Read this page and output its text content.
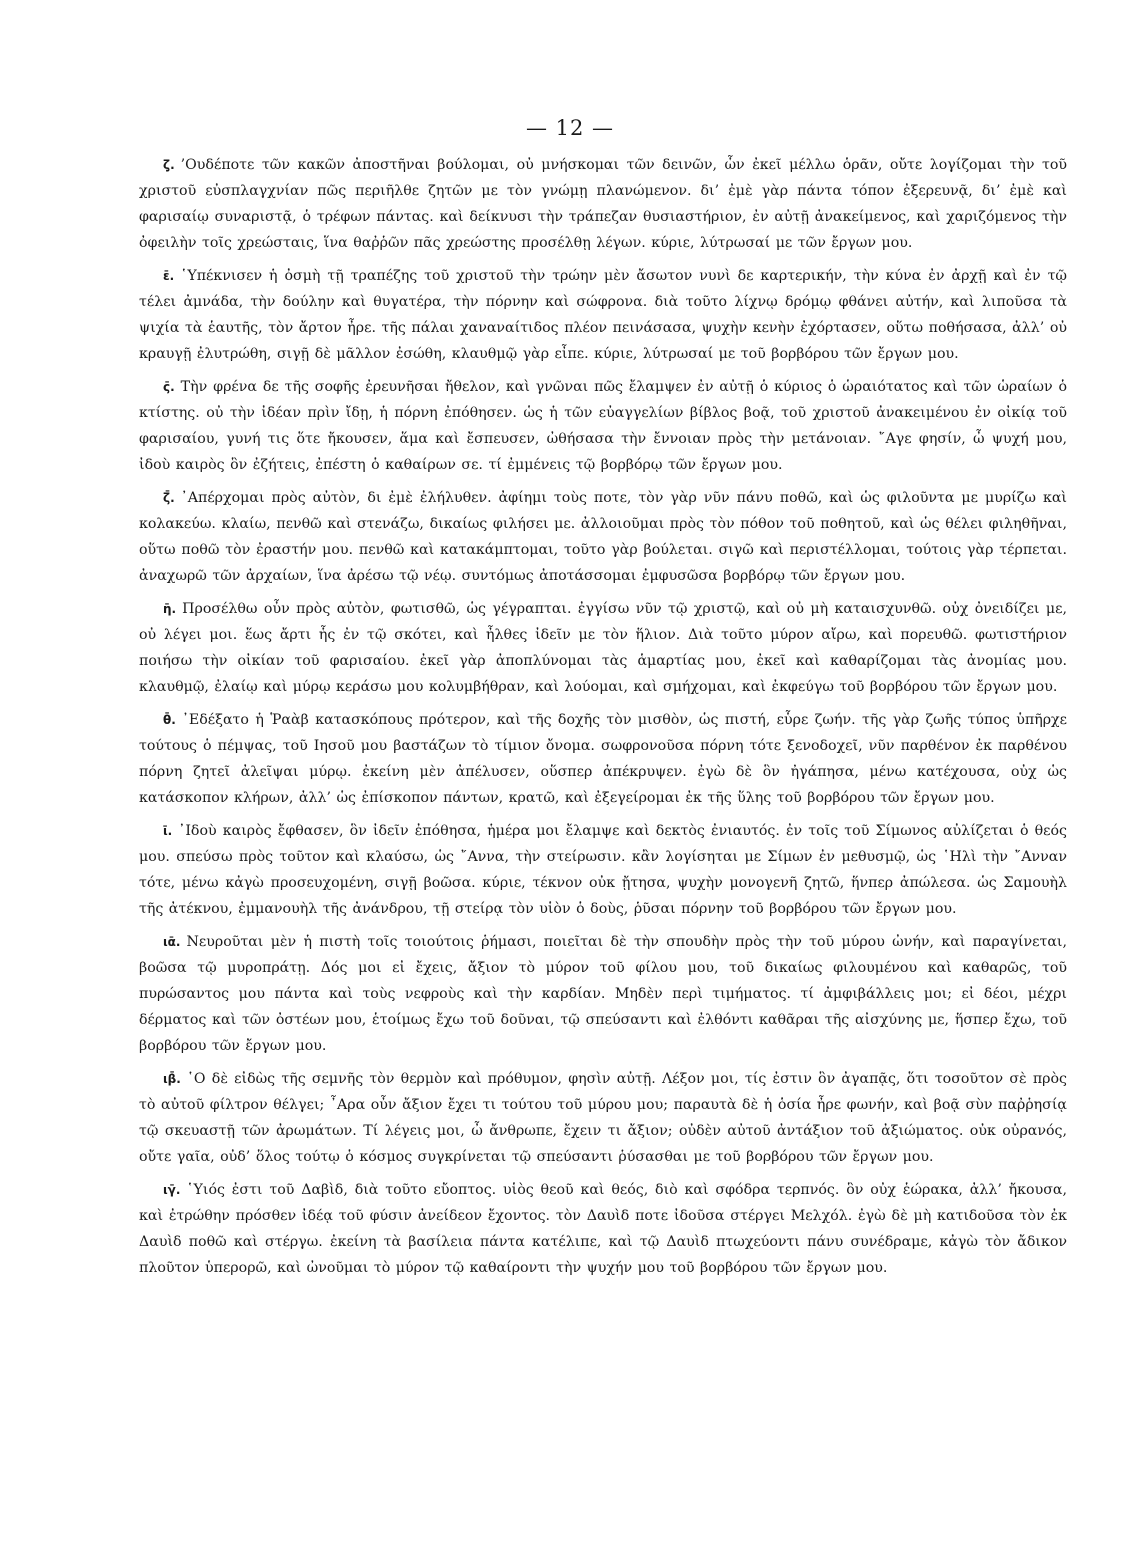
— 12 —

ζ̣. ’Ουδέποτε τῶν κακῶν ἀποστῆναι βούλομαι, οὐ μνήσκομαι τῶν δεινῶν, ὧν ἐκεῖ μέλλω ὁρᾶν, οὔτε λογίζομαι τὴν τοῦ χριστοῦ εὐσπλαγχνίαν πῶς περιῆλθε ζητῶν με τὸν γνώμῃ πλανώμενον. δι’ ἐμὲ γὰρ πάντα τόπον ἐξερευνᾷ, δι’ ἐμὲ καὶ φαρισαίῳ συναριστᾷ, ὁ τρέφων πάντας. καὶ δείκνυσι τὴν τράπεζαν θυσιαστήριον, ἐν αὐτῇ ἀνακείμενος, καὶ χαριζόμενος τὴν ὀφειλὴν τοῖς χρεώσταις, ἵνα θαῤῥῶν πᾶς χρεώστης προσέλθῃ λέγων. κύριε, λύτρωσαί με τῶν ἔργων μου.

ε̄. ῾Υπέκνισεν ἡ ὀσμὴ τῇ τραπέζης τοῦ χριστοῦ τὴν τρώην μὲν ἄσωτον νυνὶ δε καρτερικήν, τὴν κύνα ἐν ἀρχῇ καὶ ἐν τῷ τέλει ἀμνάδα, τὴν δούλην καὶ θυγατέρα, τὴν πόρνην καὶ σώφρονα. διὰ τοῦτο λίχνῳ δρόμῳ φθάνει αὐτήν, καὶ λιποῦσα τὰ ψιχία τὰ ἑαυτῆς, τὸν ἄρτον ἦρε. τῆς πάλαι χαναναίτιδος πλέον πεινάσασα, ψυχὴν κενὴν ἐχόρτασεν, οὕτω ποθήσασα, ἀλλ’ οὐ κραυγῇ ἐλυτρώθη, σιγῇ δὲ μᾶλλον ἐσώθη, κλαυθμῷ γὰρ εἶπε. κύριε, λύτρωσαί με τοῦ βορβόρου τῶν ἔργων μου.

ς̄. Τὴν φρένα δε τῆς σοφῆς ἐρευνῆσαι ἤθελον, καὶ γνῶναι πῶς ἔλαμψεν ἐν αὐτῇ ὁ κύριος ὁ ὡραιότατος καὶ τῶν ὡραίων ὁ κτίστης. οὐ τὴν ἰδέαν πρὶν ἴδῃ, ἡ πόρνη ἐπόθησεν. ὡς ἡ τῶν εὐαγγελίων βίβλος βοᾷ, τοῦ χριστοῦ ἀνακειμένου ἐν οἰκίᾳ τοῦ φαρισαίου, γυνή τις ὅτε ἤκουσεν, ἅμα καὶ ἔσπευσεν, ὠθήσασα τὴν ἔννοιαν πρὸς τὴν μετάνοιαν. ῎Αγε φησίν, ὦ ψυχή μου, ἰδοὺ καιρὸς ὃν ἐζήτεις, ἐπέστη ὁ καθαίρων σε. τί ἐμμένεις τῷ βορβόρῳ τῶν ἔργων μου.

ζ̄. ᾽Απέρχομαι πρὸς αὐτὸν, δι ἐμὲ ἐλήλυθεν. ἀφίημι τοὺς ποτε, τὸν γὰρ νῦν πάνυ ποθῶ, καὶ ὡς φιλοῦντα με μυρίζω καὶ κολακεύω. κλαίω, πενθῶ καὶ στενάζω, δικαίως φιλήσει με. ἀλλοιοῦμαι πρὸς τὸν πόθον τοῦ ποθητοῦ, καὶ ὡς θέλει φιληθῆναι, οὕτω ποθῶ τὸν ἐραστήν μου. πενθῶ καὶ κατακάμπτομαι, τοῦτο γὰρ βούλεται. σιγῶ καὶ περιστέλλομαι, τούτοις γὰρ τέρπεται. ἀναχωρῶ τῶν ἀρχαίων, ἵνα ἀρέσω τῷ νέῳ. συντόμως ἀποτάσσομαι ἐμφυσῶσα βορβόρῳ τῶν ἔργων μου.

η̄. Προσέλθω οὖν πρὸς αὐτὸν, φωτισθῶ, ὡς γέγραπται. ἐγγίσω νῦν τῷ χριστῷ, καὶ οὐ μὴ καταισχυνθῶ. οὐχ ὀνειδίζει με, οὐ λέγει μοι. ἕως ἄρτι ἧς ἐν τῷ σκότει, καὶ ἦλθες ἰδεῖν με τὸν ἥλιον. Διὰ τοῦτο μύρον αἴρω, καὶ πορευθῶ. φωτιστήριον ποιήσω τὴν οἰκίαν τοῦ φαρισαίου. ἐκεῖ γὰρ ἀποπλύνομαι τὰς ἁμαρτίας μου, ἐκεῖ καὶ καθαρίζομαι τὰς ἀνομίας μου. κλαυθμῷ, ἐλαίῳ καὶ μύρῳ κεράσω μου κολυμβήθραν, καὶ λούομαι, καὶ σμήχομαι, καὶ ἐκφεύγω τοῦ βορβόρου τῶν ἔργων μου.

θ̄. ᾽Εδέξατο ἡ Ῥαὰβ κατασκόπους πρότερον, καὶ τῆς δοχῆς τὸν μισθὸν, ὡς πιστή, εὗρε ζωήν. τῆς γὰρ ζωῆς τύπος ὑπῆρχε τούτους ὁ πέμψας, τοῦ Ιησοῦ μου βαστάζων τὸ τίμιον ὄνομα. σωφρονοῦσα πόρνη τότε ξενοδοχεῖ, νῦν παρθένον ἐκ παρθένου πόρνη ζητεῖ ἀλεῖψαι μύρῳ. ἐκείνη μὲν ἀπέλυσεν, οὕσπερ ἀπέκρυψεν. ἐγὼ δὲ ὃν ἠγάπησα, μένω κατέχουσα, οὐχ ὡς κατάσκοπον κλήρων, ἀλλ’ ὡς ἐπίσκοπον πάντων, κρατῶ, καὶ ἐξεγείρομαι ἐκ τῆς ὕλης τοῦ βορβόρου τῶν ἔργων μου.

ῑ. ᾽Ιδοὺ καιρὸς ἔφθασεν, ὃν ἰδεῖν ἐπόθησα, ἡμέρα μοι ἔλαμψε καὶ δεκτὸς ἐνιαυτός. ἐν τοῖς τοῦ Σίμωνος αὐλίζεται ὁ θεός μου. σπεύσω πρὸς τοῦτον καὶ κλαύσω, ὡς ῎Αννα, τὴν στείρωσιν. κἂν λογίσηται με Σίμων ἐν μεθυσμῷ, ὡς ῾Ηλὶ τὴν ῎Ανναν τότε, μένω κἀγὼ προσευχομένη, σιγῇ βοῶσα. κύριε, τέκνον οὐκ ᾔτησα, ψυχὴν μονογενῆ ζητῶ, ἥνπερ ἀπώλεσα. ὡς Σαμουὴλ τῆς ἀτέκνου, ἐμμανουὴλ τῆς ἀνάνδρου, τῇ στείρᾳ τὸν υἱὸν ὁ δοὺς, ῥῦσαι πόρνην τοῦ βορβόρου τῶν ἔργων μου.

ιᾱ. Νευροῦται μὲν ἡ πιστὴ τοῖς τοιούτοις ῥήμασι, ποιεῖται δὲ τὴν σπουδὴν πρὸς τὴν τοῦ μύρου ὠνήν, καὶ παραγίνεται, βοῶσα τῷ μυροπράτῃ. Δός μοι εἰ ἔχεις, ἄξιον τὸ μύρον τοῦ φίλου μου, τοῦ δικαίως φιλουμένου καὶ καθαρῶς, τοῦ πυρώσαντος μου πάντα καὶ τοὺς νεφροὺς καὶ τὴν καρδίαν. Μηδὲν περὶ τιμήματος. τί ἀμφιβάλλεις μοι; εἰ δέοι, μέχρι δέρματος καὶ τῶν ὀστέων μου, ἑτοίμως ἔχω τοῦ δοῦναι, τῷ σπεύσαντι καὶ ἐλθόντι καθᾶραι τῆς αἰσχύνης με, ἥσπερ ἔχω, τοῦ βορβόρου τῶν ἔργων μου.

ιβ̄. ῾Ο δὲ εἰδὼς τῆς σεμνῆς τὸν θερμὸν καὶ πρόθυμον, φησὶν αὐτῇ. Λέξον μοι, τίς ἐστιν ὃν ἀγαπᾷς, ὅτι τοσοῦτον σὲ πρὸς τὸ αὐτοῦ φίλτρον θέλγει; ῏Αρα οὖν ἄξιον ἔχει τι τούτου τοῦ μύρου μου; παραυτὰ δὲ ἡ ὁσία ἦρε φωνήν, καὶ βοᾷ σὺν παῤῥησίᾳ τῷ σκευαστῇ τῶν ἀρωμάτων. Τί λέγεις μοι, ὦ ἄνθρωπε, ἔχειν τι ἄξιον; οὐδὲν αὐτοῦ ἀντάξιον τοῦ ἀξιώματος. οὐκ οὐρανός, οὔτε γαῖα, οὐδ’ ὅλος τούτῳ ὁ κόσμος συγκρίνεται τῷ σπεύσαντι ῥύσασθαι με τοῦ βορβόρου τῶν ἔργων μου.

ιγ̄. ῾Υιός ἐστι τοῦ Δαβὶδ, διὰ τοῦτο εὔοπτος. υἱὸς θεοῦ καὶ θεός, διὸ καὶ σφόδρα τερπνός. ὃν οὐχ ἑώρακα, ἀλλ’ ἤκουσα, καὶ ἐτρώθην πρόσθεν ἰδέᾳ τοῦ φύσιν ἀνείδεον ἔχοντος. τὸν Δαυὶδ ποτε ἰδοῦσα στέργει Μελχόλ. ἐγὼ δὲ μὴ κατιδοῦσα τὸν ἐκ Δαυὶδ ποθῶ καὶ στέργω. ἐκείνη τὰ βασίλεια πάντα κατέλιπε, καὶ τῷ Δαυὶδ πτωχεύοντι πάνυ συνέδραμε, κἀγὼ τὸν ἄδικον πλοῦτον ὑπερορῶ, καὶ ὠνοῦμαι τὸ μύρον τῷ καθαίροντι τὴν ψυχήν μου τοῦ βορβόρου τῶν ἔργων μου.
